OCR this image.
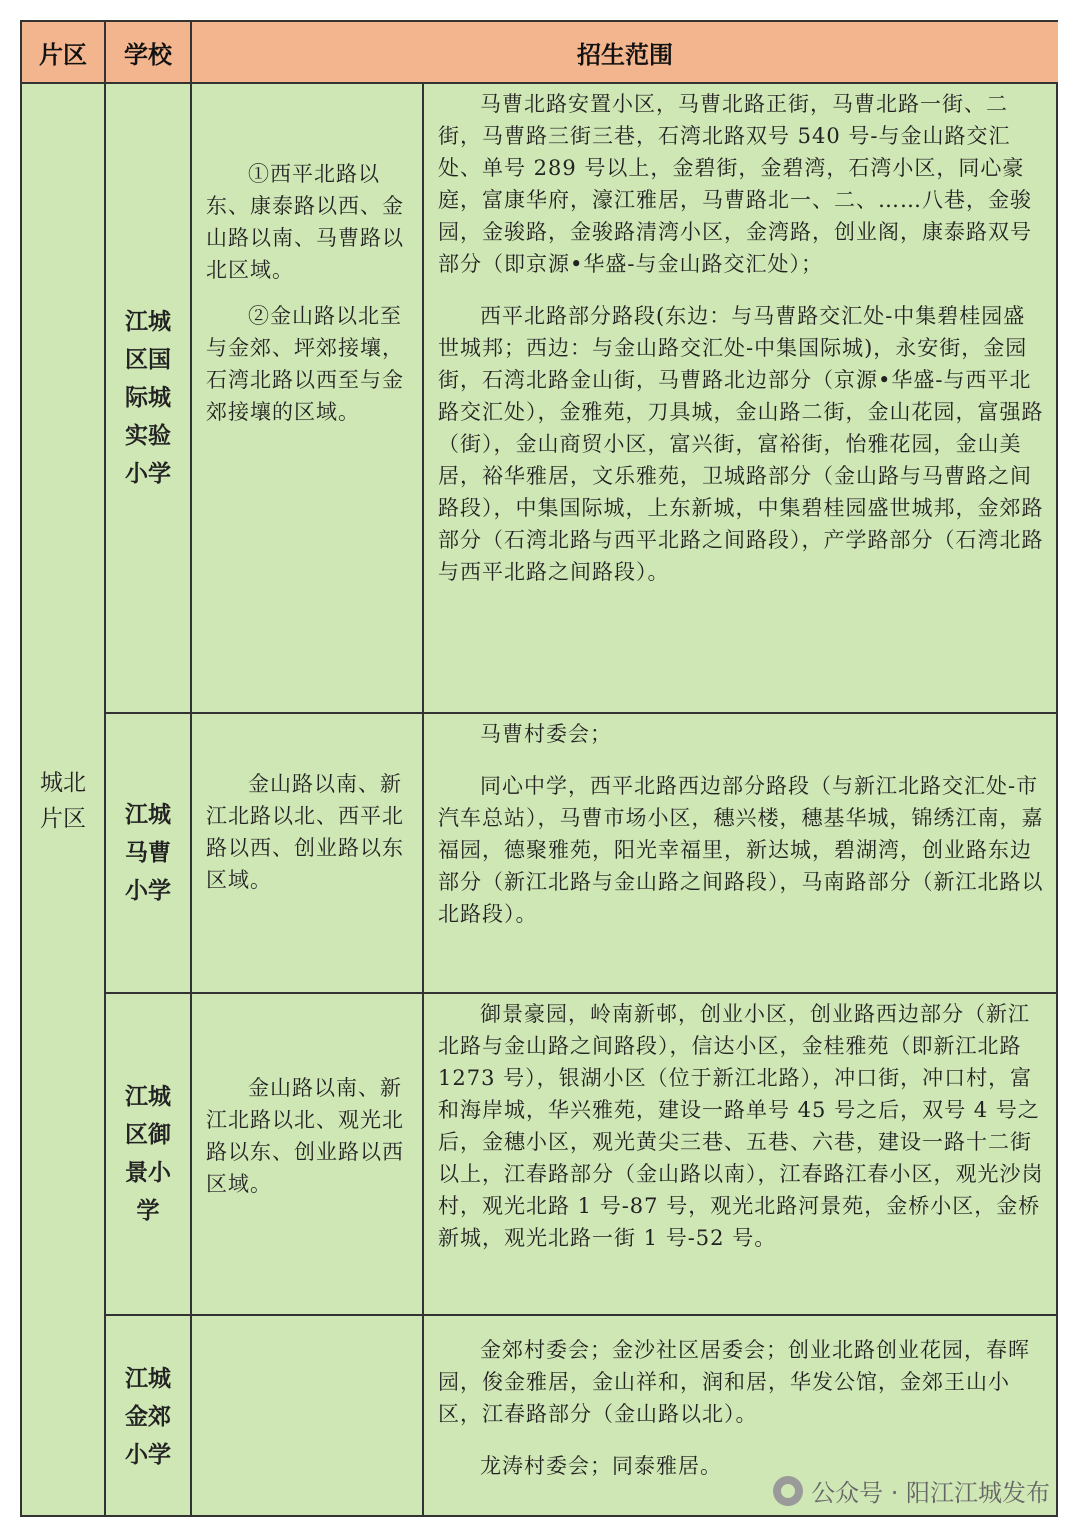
片区	学校	招生范围
城北片区
江城区国际城实验小学

①西平北路以东、康泰路以西、金山路以南、马曹路以北区域。

②金山路以北至与金郊、坪郊接壤，石湾北路以西至与金郊接壤的区域。

马曹北路安置小区，马曹北路正街，马曹北路一街、二街，马曹路三街三巷，石湾北路双号 540 号-与金山路交汇处、单号 289 号以上，金碧街，金碧湾，石湾小区，同心豪庭，富康华府，濠江雅居，马曹路北一、二、……八巷，金骏园，金骏路，金骏路清湾小区，金湾路，创业阁，康泰路双号部分（即京源•华盛-与金山路交汇处）；

西平北路部分路段(东边：与马曹路交汇处-中集碧桂园盛世城邦；西边：与金山路交汇处-中集国际城)，永安街，金园街，石湾北路金山街，马曹路北边部分（京源•华盛-与西平北路交汇处），金雅苑，刀具城，金山路二街，金山花园，富强路（街），金山商贸小区，富兴街，富裕街，怡雅花园，金山美居，裕华雅居，文乐雅苑，卫城路部分（金山路与马曹路之间路段），中集国际城，上东新城，中集碧桂园盛世城邦，金郊路部分（石湾北路与西平北路之间路段），产学路部分（石湾北路与西平北路之间路段）。

江城马曹小学

金山路以南、新江北路以北、西平北路以西、创业路以东区域。

马曹村委会；

同心中学，西平北路西边部分路段（与新江北路交汇处-市汽车总站），马曹市场小区，穗兴楼，穗基华城，锦绣江南，嘉福园，德聚雅苑，阳光幸福里，新达城，碧湖湾，创业路东边部分（新江北路与金山路之间路段），马南路部分（新江北路以北路段）。

江城区御景小学

金山路以南、新江北路以北、观光北路以东、创业路以西区域。

御景豪园，岭南新邨，创业小区，创业路西边部分（新江北路与金山路之间路段），信达小区，金桂雅苑（即新江北路 1273 号），银湖小区（位于新江北路），冲口街，冲口村，富和海岸城，华兴雅苑，建设一路单号 45 号之后，双号 4 号之后，金穗小区，观光黄尖三巷、五巷、六巷，建设一路十二街以上，江春路部分（金山路以南），江春路江春小区，观光沙岗村，观光北路 1 号-87 号，观光北路河景苑，金桥小区，金桥新城，观光北路一街 1 号-52 号。

江城金郊小学

金郊村委会；金沙社区居委会；创业北路创业花园，春晖园，俊金雅居，金山祥和，润和居，华发公馆，金郊王山小区，江春路部分（金山路以北）。

龙涛村委会；同泰雅居。

公众号 · 阳江江城发布
